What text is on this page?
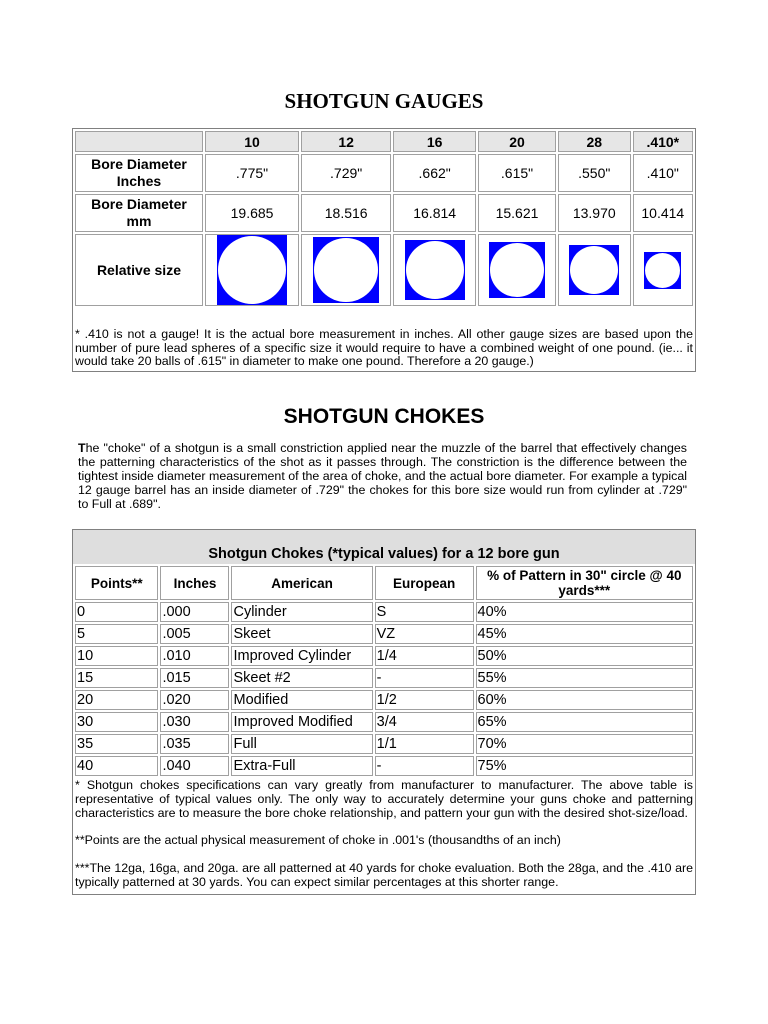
SHOTGUN GAUGES
	10	12	16	20	28	.410*
Bore Diameter Inches	.775"	.729"	.662"	.615"	.550"	.410"
Bore Diameter mm	19.685	18.516	16.814	15.621	13.970	10.414
Relative size	

* .410 is not a gauge! It is the actual bore measurement in inches. All other gauge sizes are based upon the number of pure lead spheres of a specific size it would require to have a combined weight of one pound. (ie... it would take 20 balls of .615" in diameter to make one pound. Therefore a 20 gauge.)
SHOTGUN CHOKES
The "choke" of a shotgun is a small constriction applied near the muzzle of the barrel that effectively changes the patterning characteristics of the shot as it passes through. The constriction is the difference between the tightest inside diameter measurement of the area of choke, and the actual bore diameter. For example a typical 12 gauge barrel has an inside diameter of .729" the chokes for this bore size would run from cylinder at .729" to Full at .689".
Shotgun Chokes (*typical values) for a 12 bore gun
Points**	Inches	American	European	% of Pattern in 30" circle @ 40 yards***
0	.000	Cylinder	S	40%
5	.005	Skeet	VZ	45%
10	.010	Improved Cylinder	1/4	50%
15	.015	Skeet #2	-	55%
20	.020	Modified	1/2	60%
30	.030	Improved Modified	3/4	65%
35	.035	Full	1/1	70%
40	.040	Extra-Full	-	75%

* Shotgun chokes specifications can vary greatly from manufacturer to manufacturer. The above table is representative of typical values only. The only way to accurately determine your guns choke and patterning characteristics are to measure the bore choke relationship, and pattern your gun with the desired shot-size/load.

**Points are the actual physical measurement of choke in .001's (thousandths of an inch)

***The 12ga, 16ga, and 20ga. are all patterned at 40 yards for choke evaluation. Both the 28ga, and the .410 are typically patterned at 30 yards. You can expect similar percentages at this shorter range.
